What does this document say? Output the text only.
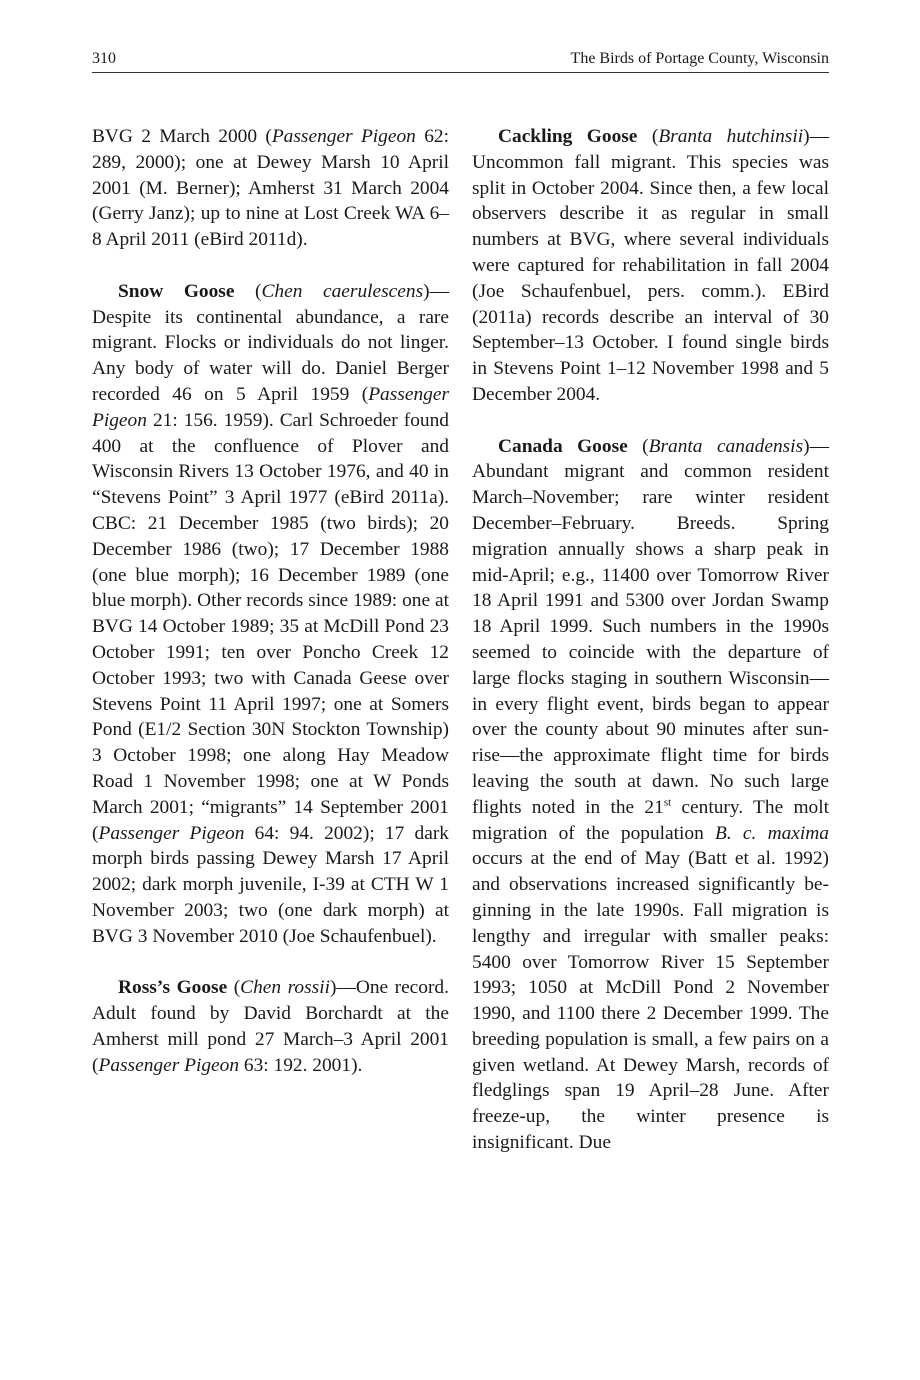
310	The Birds of Portage County, Wisconsin

BVG 2 March 2000 (Passenger Pigeon 62: 289, 2000); one at Dewey Marsh 10 April 2001 (M. Berner); Amherst 31 March 2004 (Gerry Janz); up to nine at Lost Creek WA 6–8 April 2011 (eBird 2011d).

Snow Goose (Chen caerulescens)—Despite its continental abundance, a rare migrant. Flocks or individuals do not linger. Any body of water will do. Daniel Berger recorded 46 on 5 April 1959 (Passenger Pigeon 21: 156. 1959). Carl Schroeder found 400 at the confluence of Plover and Wisconsin Rivers 13 October 1976, and 40 in “Stevens Point” 3 April 1977 (eBird 2011a). CBC: 21 December 1985 (two birds); 20 December 1986 (two); 17 December 1988 (one blue morph); 16 December 1989 (one blue morph). Other records since 1989: one at BVG 14 October 1989; 35 at McDill Pond 23 October 1991; ten over Poncho Creek 12 October 1993; two with Canada Geese over Stevens Point 11 April 1997; one at Somers Pond (E1/2 Section 30N Stockton Township) 3 October 1998; one along Hay Meadow Road 1 November 1998; one at W Ponds March 2001; “migrants” 14 September 2001 (Passenger Pigeon 64: 94. 2002); 17 dark morph birds passing Dewey Marsh 17 April 2002; dark morph juvenile, I-39 at CTH W 1 November 2003; two (one dark morph) at BVG 3 November 2010 (Joe Schaufenbuel).

Ross’s Goose (Chen rossii)—One record. Adult found by David Borchardt at the Amherst mill pond 27 March–3 April 2001 (Passenger Pigeon 63: 192. 2001).

Cackling Goose (Branta hutchinsii)—Uncommon fall migrant. This species was split in October 2004. Since then, a few local observers describe it as regular in small numbers at BVG, where several individuals were captured for rehabilitation in fall 2004 (Joe Schaufenbuel, pers. comm.). EBird (2011a) records describe an interval of 30 September–13 October. I found single birds in Stevens Point 1–12 November 1998 and 5 December 2004.

Canada Goose (Branta canadensis)—Abundant migrant and common resident March–November; rare winter resident December–February. Breeds. Spring migration annually shows a sharp peak in mid-April; e.g., 11400 over Tomorrow River 18 April 1991 and 5300 over Jordan Swamp 18 April 1999. Such numbers in the 1990s seemed to coincide with the departure of large flocks staging in southern Wisconsin—in every flight event, birds began to appear over the county about 90 minutes after sunrise—the approximate flight time for birds leaving the south at dawn. No such large flights noted in the 21st century. The molt migration of the population B. c. maxima occurs at the end of May (Batt et al. 1992) and observations increased significantly beginning in the late 1990s. Fall migration is lengthy and irregular with smaller peaks: 5400 over Tomorrow River 15 September 1993; 1050 at McDill Pond 2 November 1990, and 1100 there 2 December 1999. The breeding population is small, a few pairs on a given wetland. At Dewey Marsh, records of fledglings span 19 April–28 June. After freeze-up, the winter presence is insignificant. Due
